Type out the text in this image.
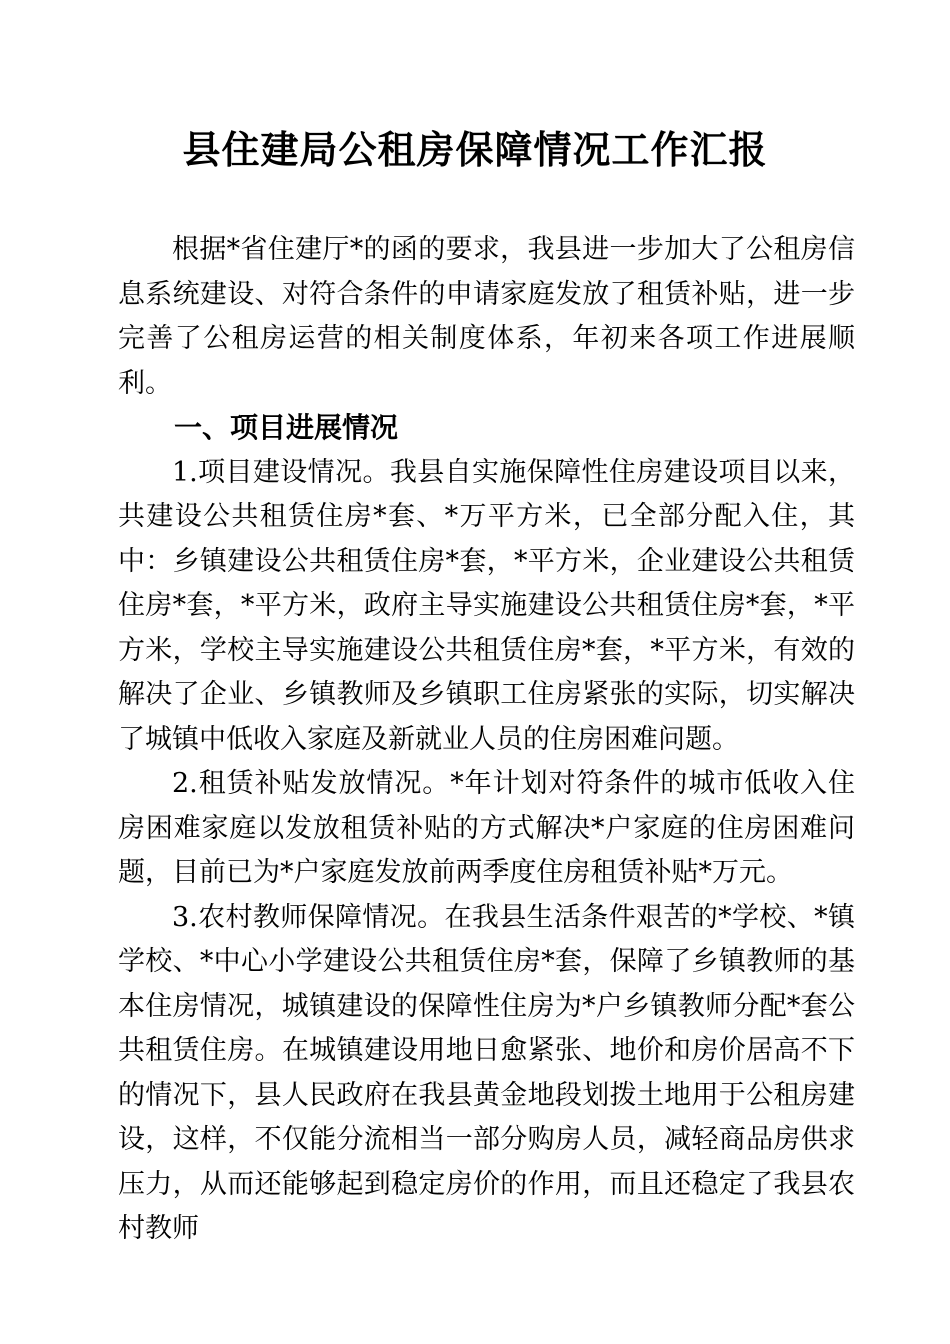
县住建局公租房保障情况工作汇报

根据*省住建厅*的函的要求，我县进一步加大了公租房信息系统建设、对符合条件的申请家庭发放了租赁补贴，进一步完善了公租房运营的相关制度体系，年初来各项工作进展顺利。

一、项目进展情况

1.项目建设情况。我县自实施保障性住房建设项目以来，共建设公共租赁住房*套、*万平方米，已全部分配入住，其中：乡镇建设公共租赁住房*套，*平方米，企业建设公共租赁住房*套，*平方米，政府主导实施建设公共租赁住房*套，*平方米，学校主导实施建设公共租赁住房*套，*平方米，有效的解决了企业、乡镇教师及乡镇职工住房紧张的实际，切实解决了城镇中低收入家庭及新就业人员的住房困难问题。

2.租赁补贴发放情况。*年计划对符条件的城市低收入住房困难家庭以发放租赁补贴的方式解决*户家庭的住房困难问题，目前已为*户家庭发放前两季度住房租赁补贴*万元。

3.农村教师保障情况。在我县生活条件艰苦的*学校、*镇学校、*中心小学建设公共租赁住房*套，保障了乡镇教师的基本住房情况，城镇建设的保障性住房为*户乡镇教师分配*套公共租赁住房。在城镇建设用地日愈紧张、地价和房价居高不下的情况下，县人民政府在我县黄金地段划拨土地用于公租房建设，这样，不仅能分流相当一部分购房人员，减轻商品房供求压力，从而还能够起到稳定房价的作用，而且还稳定了我县农村教师
